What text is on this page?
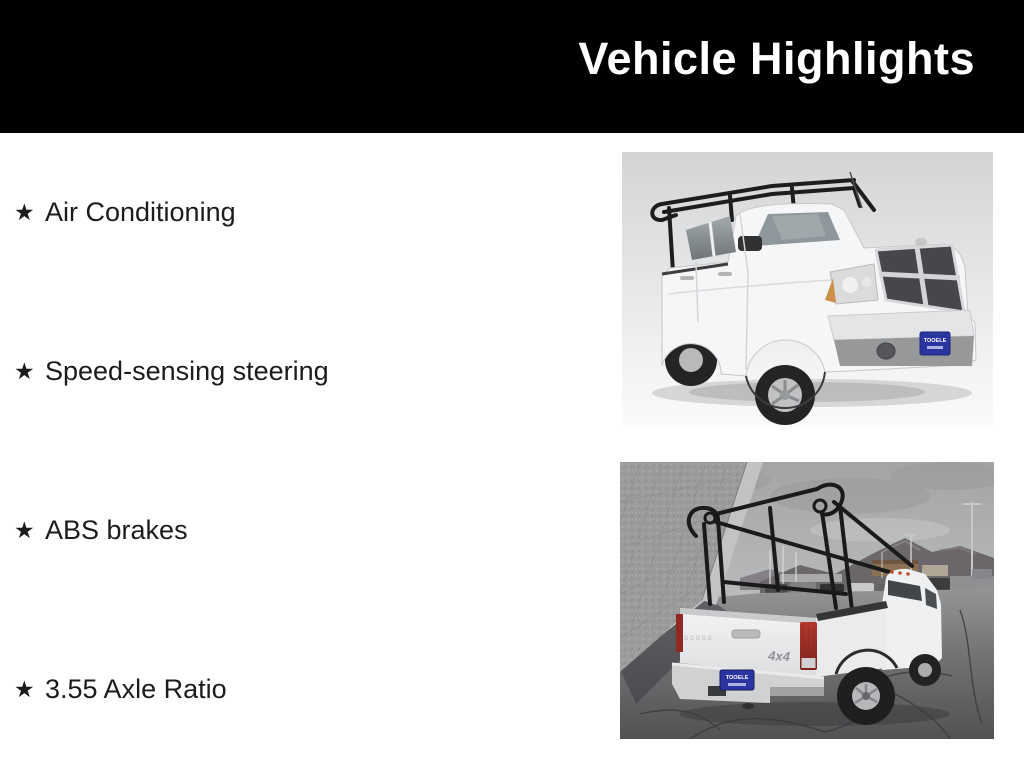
Vehicle Highlights
★ Air Conditioning
★ Speed-sensing steering
★ ABS brakes
★ 3.55 Axle Ratio
TOOELE
DODGE
4x4
TOOELE
